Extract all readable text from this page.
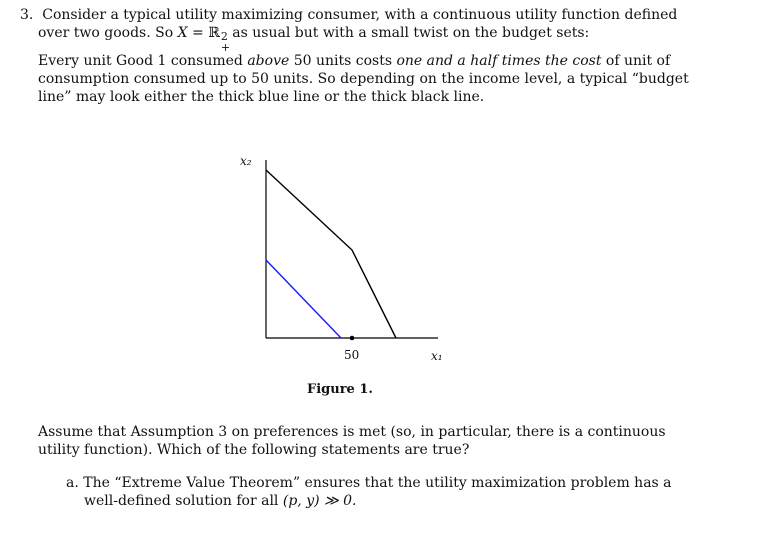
3. Consider a typical utility maximizing consumer, with a continuous utility function defined
over two goods. So X = ℝ 2
+
as usual but with a small twist on the budget sets:
Every unit Good 1 consumed above 50 units costs one and a half times the cost of unit of
consumption consumed up to 50 units. So depending on the income level, a typical “budget
line” may look either the thick blue line or the thick black line.
x₂
50	x₁
Figure 1.
Assume that Assumption 3 on preferences is met (so, in particular, there is a continuous
utility function). Which of the following statements are true?
a. The “Extreme Value Theorem” ensures that the utility maximization problem has a
well-defined solution for all (p, y) ≫ 0.
